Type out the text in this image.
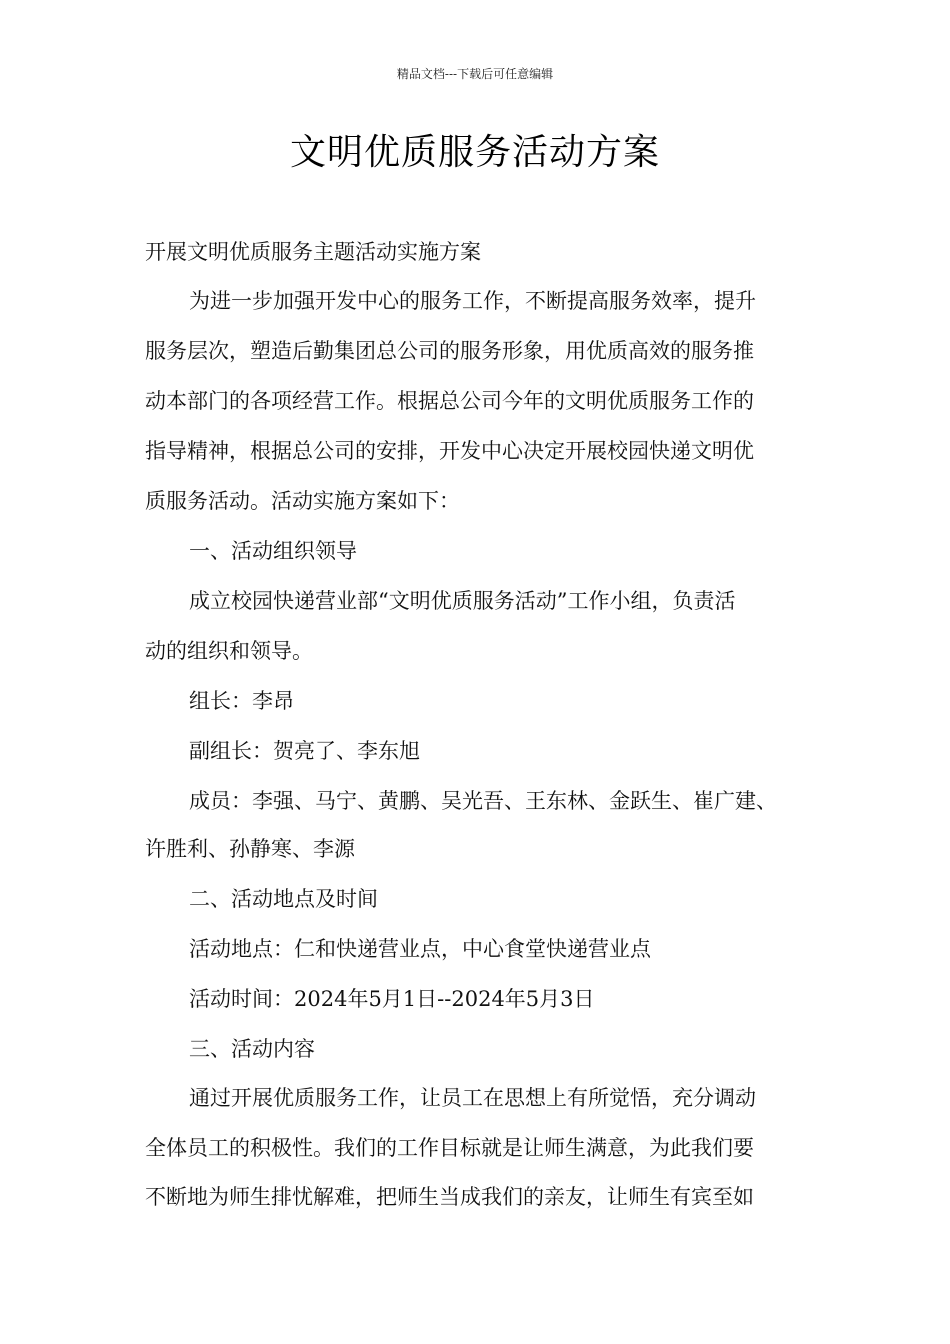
精品文档---下载后可任意编辑
文明优质服务活动方案
开展文明优质服务主题活动实施方案
为进一步加强开发中心的服务工作，不断提高服务效率，提升
服务层次，塑造后勤集团总公司的服务形象，用优质高效的服务推
动本部门的各项经营工作。根据总公司今年的文明优质服务工作的
指导精神，根据总公司的安排，开发中心决定开展校园快递文明优
质服务活动。活动实施方案如下：
一、活动组织领导
成立校园快递营业部“文明优质服务活动”工作小组，负责活
动的组织和领导。
组长：李昂
副组长：贺亮了、李东旭
成员：李强、马宁、黄鹏、吴光吾、王东林、金跃生、崔广建、
许胜利、孙静寒、李源
二、活动地点及时间
活动地点：仁和快递营业点，中心食堂快递营业点
活动时间：2024年5月1日--2024年5月3日
三、活动内容
通过开展优质服务工作，让员工在思想上有所觉悟，充分调动
全体员工的积极性。我们的工作目标就是让师生满意，为此我们要
不断地为师生排忧解难，把师生当成我们的亲友，让师生有宾至如
